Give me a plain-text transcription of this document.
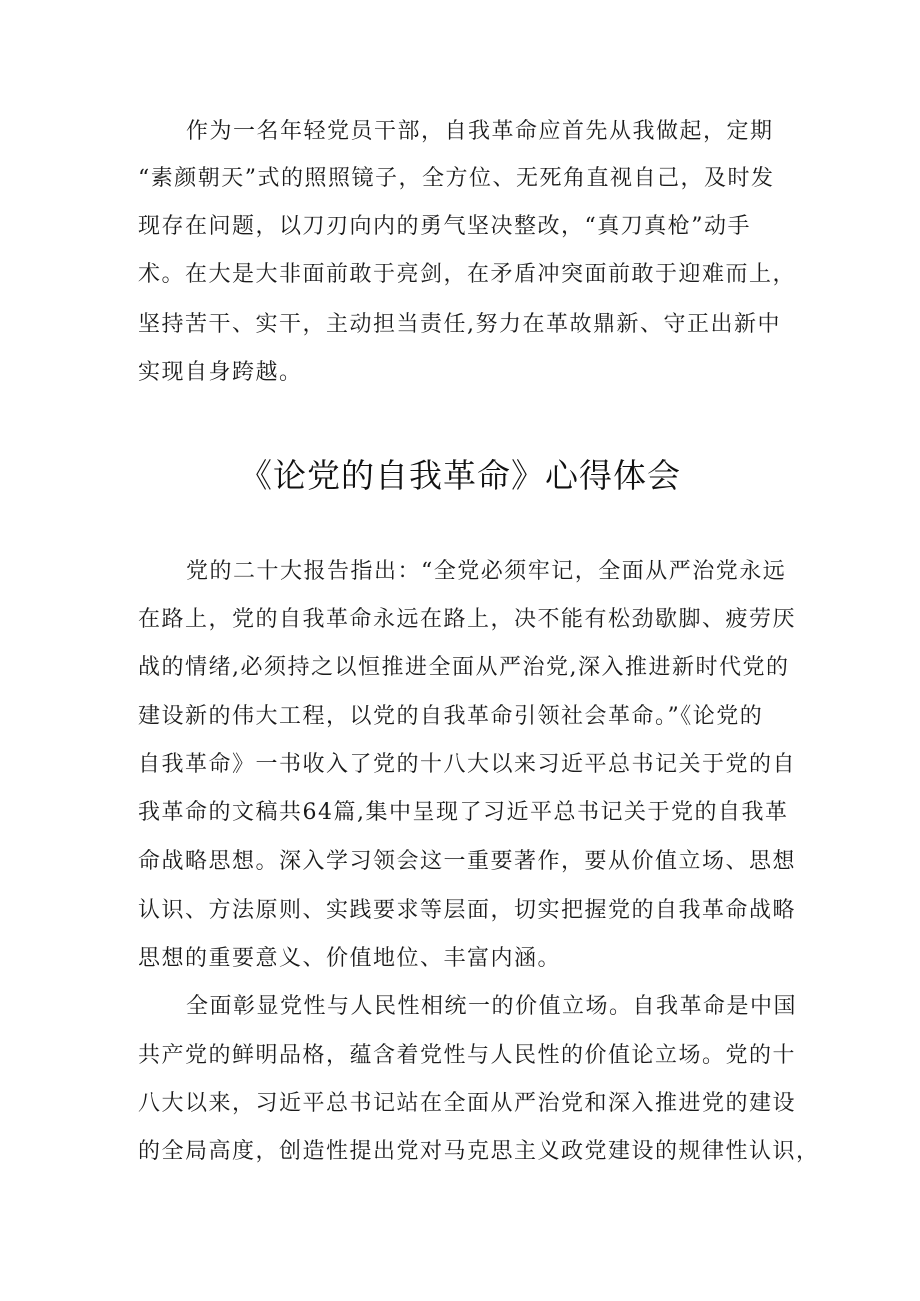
作为一名年轻党员干部，自我革命应首先从我做起，定期
“素颜朝天”式的照照镜子，全方位、无死角直视自己，及时发
现存在问题，以刀刃向内的勇气坚决整改，“真刀真枪”动手
术。在大是大非面前敢于亮剑，在矛盾冲突面前敢于迎难而上，
坚持苦干、实干，主动担当责任,努力在革故鼎新、守正出新中
实现自身跨越。
《论党的自我革命》心得体会
党的二十大报告指出：“全党必须牢记，全面从严治党永远
在路上，党的自我革命永远在路上，决不能有松劲歇脚、疲劳厌
战的情绪,必须持之以恒推进全面从严治党,深入推进新时代党的
建设新的伟大工程，以党的自我革命引领社会革命。”《论党的
自我革命》一书收入了党的十八大以来习近平总书记关于党的自
我革命的文稿共64篇,集中呈现了习近平总书记关于党的自我革
命战略思想。深入学习领会这一重要著作，要从价值立场、思想
认识、方法原则、实践要求等层面，切实把握党的自我革命战略
思想的重要意义、价值地位、丰富内涵。
全面彰显党性与人民性相统一的价值立场。自我革命是中国
共产党的鲜明品格，蕴含着党性与人民性的价值论立场。党的十
八大以来，习近平总书记站在全面从严治党和深入推进党的建设
的全局高度，创造性提出党对马克思主义政党建设的规律性认识，
